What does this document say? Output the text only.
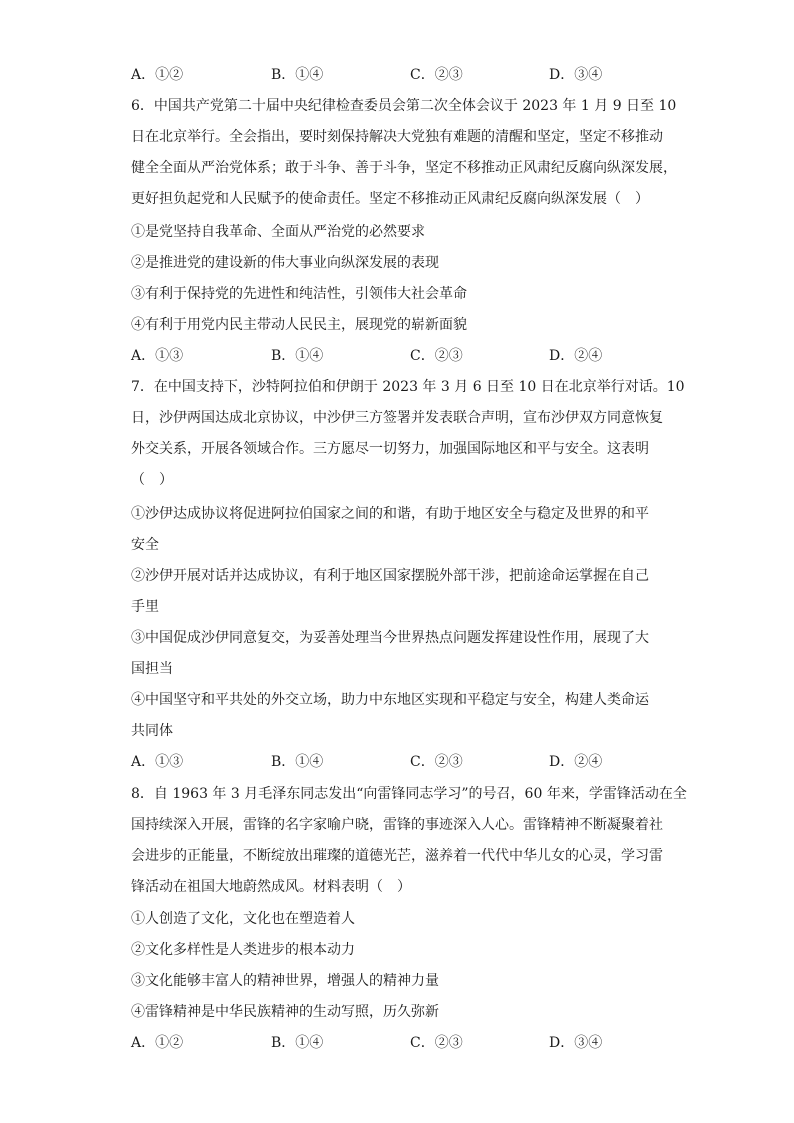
A．①②	B．①④	C．②③	D．③④
6．中国共产党第二十届中央纪律检查委员会第二次全体会议于 2023 年 1 月 9 日至 10
日在北京举行。全会指出，要时刻保持解决大党独有难题的清醒和坚定，坚定不移推动
健全全面从严治党体系；敢于斗争、善于斗争，坚定不移推动正风肃纪反腐向纵深发展，
更好担负起党和人民赋予的使命责任。坚定不移推动正风肃纪反腐向纵深发展（　）
①是党坚持自我革命、全面从严治党的必然要求
②是推进党的建设新的伟大事业向纵深发展的表现
③有利于保持党的先进性和纯洁性，引领伟大社会革命
④有利于用党内民主带动人民民主，展现党的崭新面貌
A．①③	B．①④	C．②③	D．②④
7．在中国支持下，沙特阿拉伯和伊朗于 2023 年 3 月 6 日至 10 日在北京举行对话。10
日，沙伊两国达成北京协议，中沙伊三方签署并发表联合声明，宣布沙伊双方同意恢复
外交关系，开展各领域合作。三方愿尽一切努力，加强国际地区和平与安全。这表明
（　）
①沙伊达成协议将促进阿拉伯国家之间的和谐，有助于地区安全与稳定及世界的和平
安全
②沙伊开展对话并达成协议，有利于地区国家摆脱外部干涉，把前途命运掌握在自己
手里
③中国促成沙伊同意复交，为妥善处理当今世界热点问题发挥建设性作用，展现了大
国担当
④中国坚守和平共处的外交立场，助力中东地区实现和平稳定与安全，构建人类命运
共同体
A．①③	B．①④	C．②③	D．②④
8．自 1963 年 3 月毛泽东同志发出“向雷锋同志学习”的号召，60 年来，学雷锋活动在全
国持续深入开展，雷锋的名字家喻户晓，雷锋的事迹深入人心。雷锋精神不断凝聚着社
会进步的正能量，不断绽放出璀璨的道德光芒，滋养着一代代中华儿女的心灵，学习雷
锋活动在祖国大地蔚然成风。材料表明（　）
①人创造了文化，文化也在塑造着人
②文化多样性是人类进步的根本动力
③文化能够丰富人的精神世界，增强人的精神力量
④雷锋精神是中华民族精神的生动写照，历久弥新
A．①②	B．①④	C．②③	D．③④
